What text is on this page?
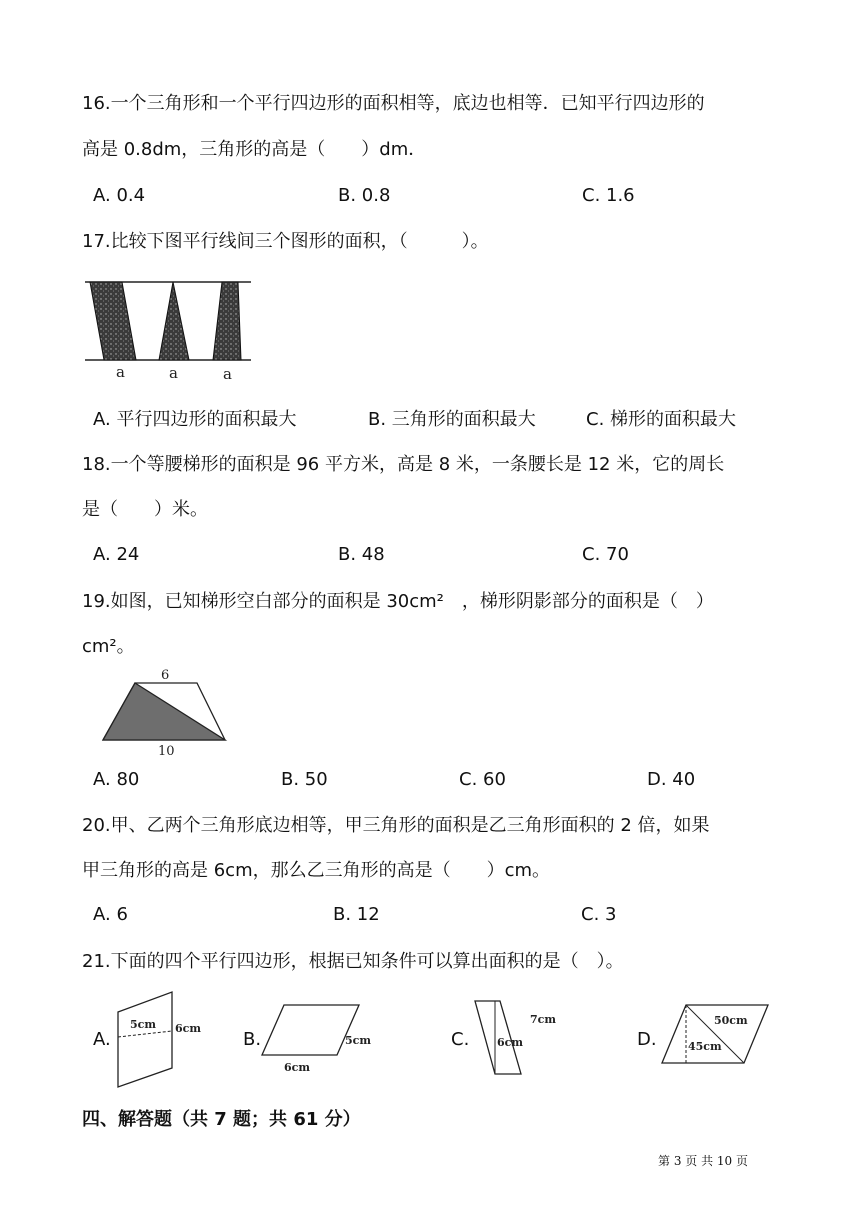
16.一个三角形和一个平行四边形的面积相等，底边也相等．已知平行四边形的
高是 0.8dm，三角形的高是（　　）dm．
A. 0.4	B. 0.8	C. 1.6
17.比较下图平行线间三个图形的面积，（　　　）。
a	a	a
A. 平行四边形的面积最大	B. 三角形的面积最大	C. 梯形的面积最大
18.一个等腰梯形的面积是 96 平方米，高是 8 米，一条腰长是 12 米，它的周长
是（　　）米。
A. 24	B. 48	C. 70
19.如图，已知梯形空白部分的面积是 30cm²　，梯形阴影部分的面积是（　）
cm²。
6
10
A. 80	B. 50	C. 60	D. 40
20.甲、乙两个三角形底边相等，甲三角形的面积是乙三角形面积的 2 倍，如果
甲三角形的高是 6cm，那么乙三角形的高是（　　）cm。
A. 6	B. 12	C. 3
21.下面的四个平行四边形，根据已知条件可以算出面积的是（　）。
A.
5cm 6cm
B.	5cm
6cm
C.
7cm
6cm	D.
50cm
45cm
四、解答题（共 7 题；共 61 分）
第 3 页 共 10 页
